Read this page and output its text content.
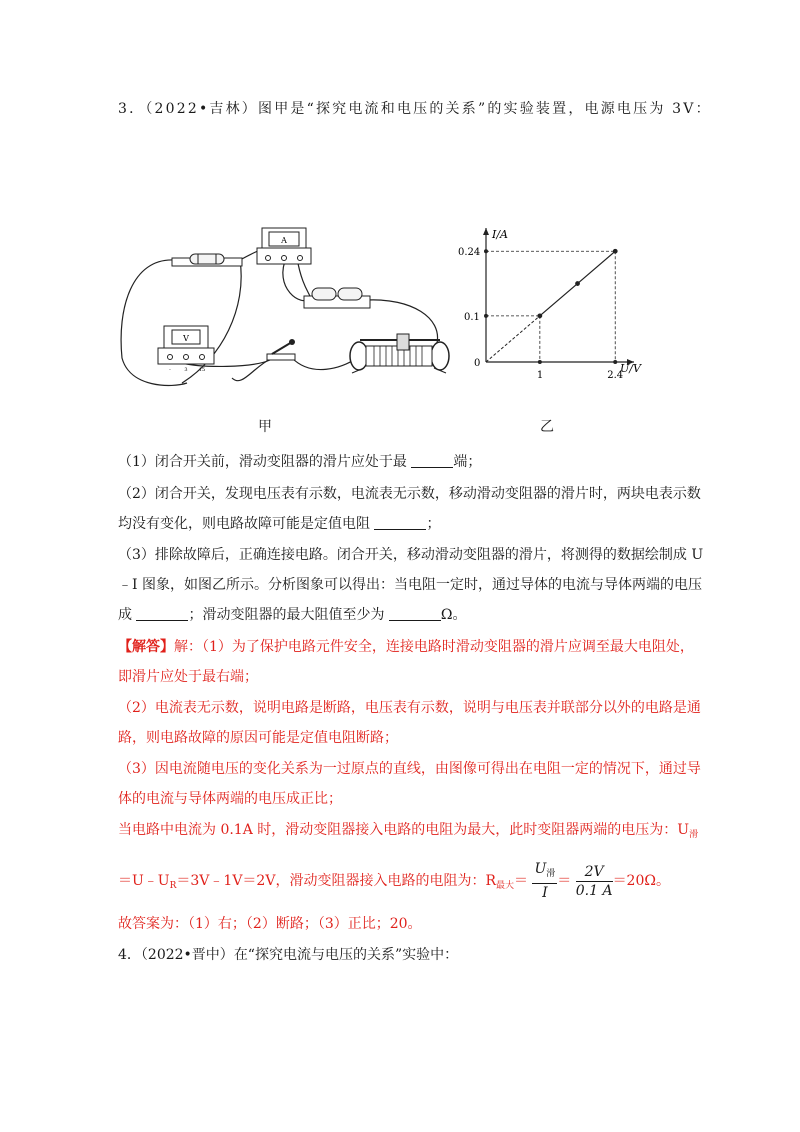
3．（2022•吉林）图甲是“探究电流和电压的关系”的实验装置，电源电压为 3V：
A
V
-	3 15
I/A
U/V
0
1	2.4
0.24
0.1
甲	乙
（1）闭合开关前，滑动变阻器的滑片应处于最	端；
（2）闭合开关，发现电压表有示数，电流表无示数，移动滑动变阻器的滑片时，两块电表示数
均没有变化，则电路故障可能是定值电阻	；
（3）排除故障后，正确连接电路。闭合开关，移动滑动变阻器的滑片，将测得的数据绘制成 U
﹣I 图象，如图乙所示。分析图象可以得出：当电阻一定时，通过导体的电流与导体两端的电压
成	；滑动变阻器的最大阻值至少为	Ω。
【解答】解：（1）为了保护电路元件安全，连接电路时滑动变阻器的滑片应调至最大电阻处，
即滑片应处于最右端；
（2）电流表无示数，说明电路是断路，电压表有示数，说明与电压表并联部分以外的电路是通
路，则电路故障的原因可能是定值电阻断路；
（3）因电流随电压的变化关系为一过原点的直线，由图像可得出在电阻一定的情况下，通过导
体的电流与导体两端的电压成正比；
当电路中电流为 0.1A 时，滑动变阻器接入电路的电阻为最大，此时变阻器两端的电压为：$U_滑$
$=U﹣U_R=3V﹣1V=2V$，滑动变阻器接入电路的电阻为：$R_{最大}= \frac{U_滑}{I} = \frac{2V}{0.1 A} =20\Omega$。
故答案为：（1）右；（2）断路；（3）正比；20。
4．（2022•晋中）在“探究电流与电压的关系”实验中：
